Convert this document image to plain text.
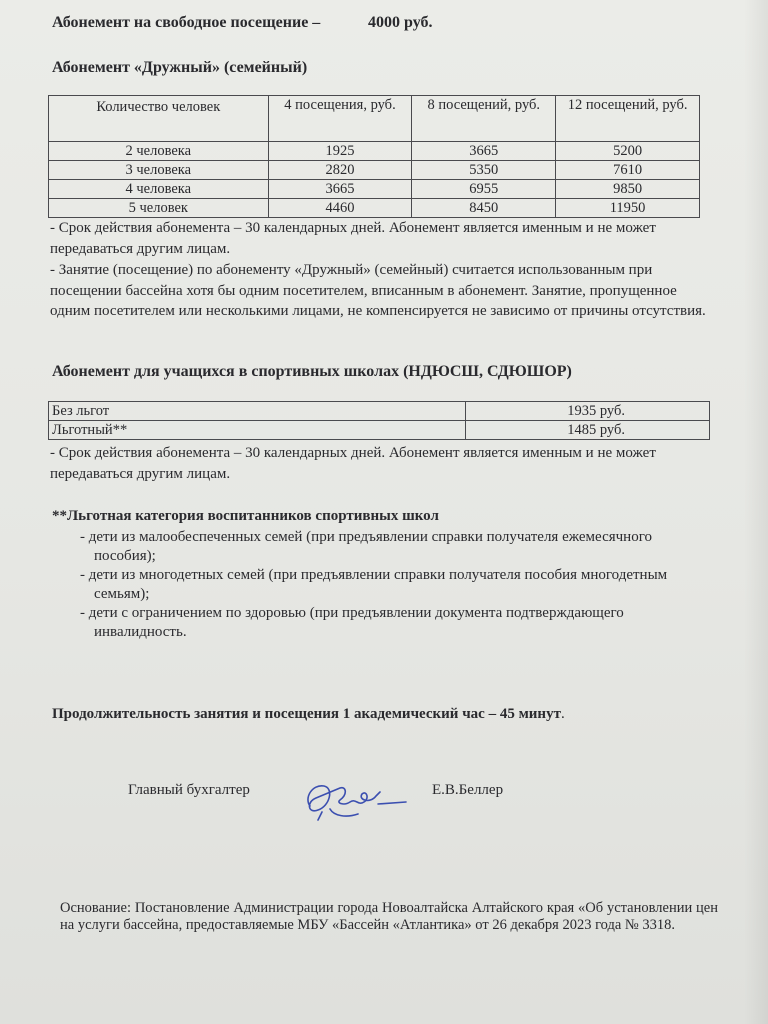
Абонемент на свободное посещение –	4000 руб.
Абонемент «Дружный» (семейный)
Количество человек	4 посещения, руб.	8 посещений, руб.	12 посещений, руб.
2 человека	1925	3665	5200
3 человека	2820	5350	7610
4 человека	3665	6955	9850
5 человек	4460	8450	11950
- Срок действия абонемента – 30 календарных дней. Абонемент является именным и не может передаваться другим лицам.
- Занятие (посещение) по абонементу «Дружный» (семейный) считается использованным при посещении бассейна хотя бы одним посетителем, вписанным в абонемент. Занятие, пропущенное одним посетителем или несколькими лицами, не компенсируется не зависимо от причины отсутствия.
Абонемент для учащихся в спортивных школах (НДЮСШ, СДЮШОР)
Без льгот	1935 руб.
Льготный**	1485 руб.
- Срок действия абонемента – 30 календарных дней. Абонемент является именным и не может передаваться другим лицам.
**Льготная категория воспитанников спортивных школ

- дети из малообеспеченных семей (при предъявлении справки получателя ежемесячного пособия);

- дети из многодетных семей (при предъявлении справки получателя пособия многодетным семьям);

- дети с ограничением по здоровью (при предъявлении документа подтверждающего инвалидность.

Продолжительность занятия и посещения 1 академический час – 45 минут.
Главный бухгалтер	Е.В.Беллер
Основание: Постановление Администрации города Новоалтайска Алтайского края «Об установлении цен на услуги бассейна, предоставляемые МБУ «Бассейн «Атлантика» от 26 декабря 2023 года № 3318.
